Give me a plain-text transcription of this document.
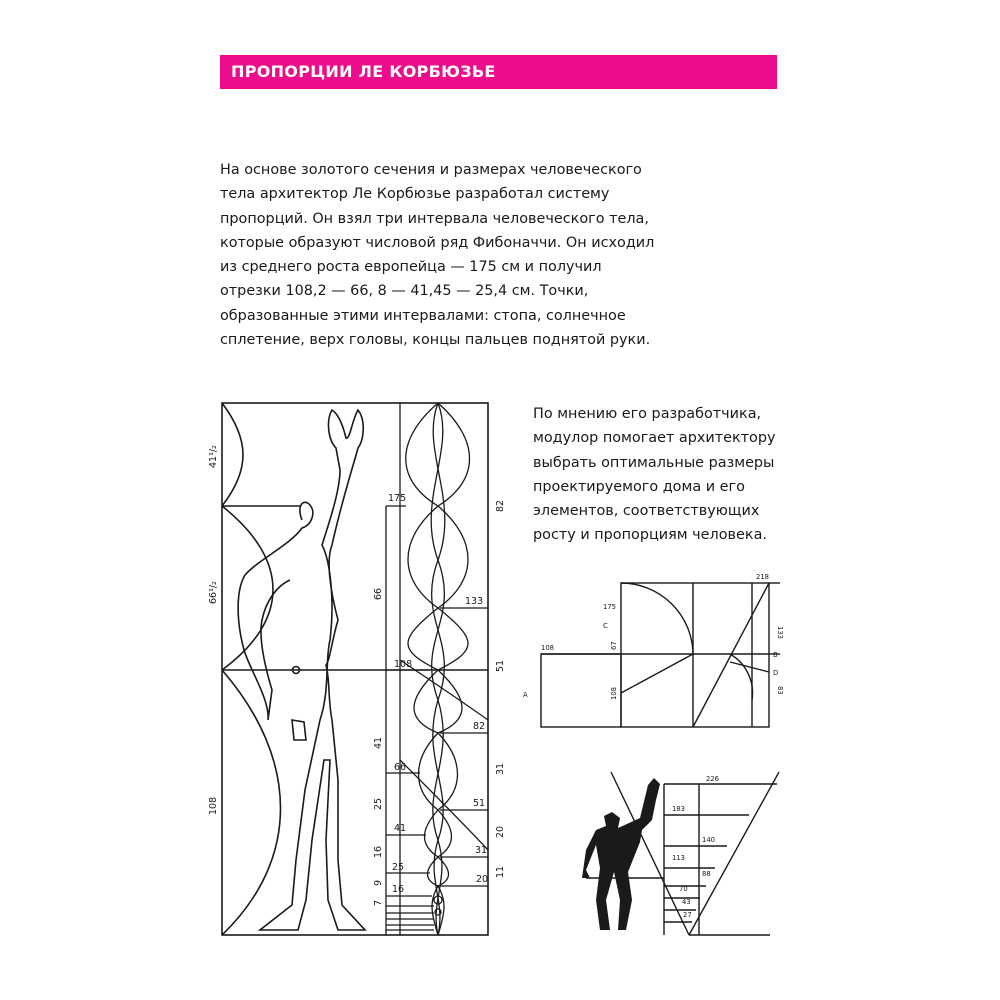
ПРОПОРЦИИ ЛЕ КОРБЮЗЬЕ

На основе золотого сечения и размерах человеческого тела архитектор Ле Корбюзье разработал систему пропорций. Он взял три интервала человеческого тела, которые образуют числовой ряд Фибоначчи. Он исходил из среднего роста европейца — 175 см и получил отрезки 108,2 — 66, 8 — 41,45 — 25,4 см. Точки, образованные этими интервалами: стопа, солнечное сплетение, верх головы, концы пальцев поднятой руки.

По мнению его разработчика, модулор помогает архитектору выбрать оптимальные размеры проектируемого дома и его элементов, соответствующих росту и пропорциям человека.

41¹/₂
66¹/₂
108
175
108
66
41
25
16
66
41
25
16
9
7
133
82
51
31
20
82
51
31
20
11
218
175
C	133
108	67
B
D
108	83
A
226
183
140
113
88
70
43
27
